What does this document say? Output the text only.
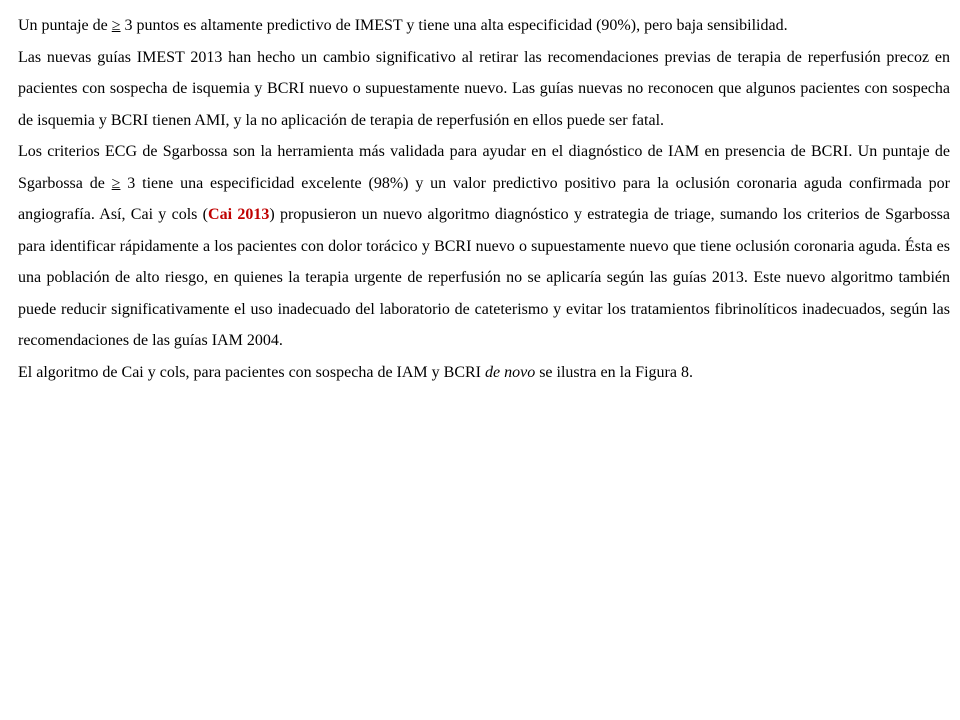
Un puntaje de ≥ 3 puntos es altamente predictivo de IMEST y tiene una alta especificidad (90%), pero baja sensibilidad.

Las nuevas guías IMEST 2013 han hecho un cambio significativo al retirar las recomendaciones previas de terapia de reperfusión precoz en pacientes con sospecha de isquemia y BCRI nuevo o supuestamente nuevo. Las guías nuevas no reconocen que algunos pacientes con sospecha de isquemia y BCRI tienen AMI, y la no aplicación de terapia de reperfusión en ellos puede ser fatal.

Los criterios ECG de Sgarbossa son la herramienta más validada para ayudar en el diagnóstico de IAM en presencia de BCRI. Un puntaje de Sgarbossa de ≥ 3 tiene una especificidad excelente (98%) y un valor predictivo positivo para la oclusión coronaria aguda confirmada por angiografía. Así, Cai y cols (Cai 2013) propusieron un nuevo algoritmo diagnóstico y estrategia de triage, sumando los criterios de Sgarbossa para identificar rápidamente a los pacientes con dolor torácico y BCRI nuevo o supuestamente nuevo que tiene oclusión coronaria aguda. Ésta es una población de alto riesgo, en quienes la terapia urgente de reperfusión no se aplicaría según las guías 2013. Este nuevo algoritmo también puede reducir significativamente el uso inadecuado del laboratorio de cateterismo y evitar los tratamientos fibrinolíticos inadecuados, según las recomendaciones de las guías IAM 2004.

El algoritmo de Cai y cols, para pacientes con sospecha de IAM y BCRI de novo se ilustra en la Figura 8.
